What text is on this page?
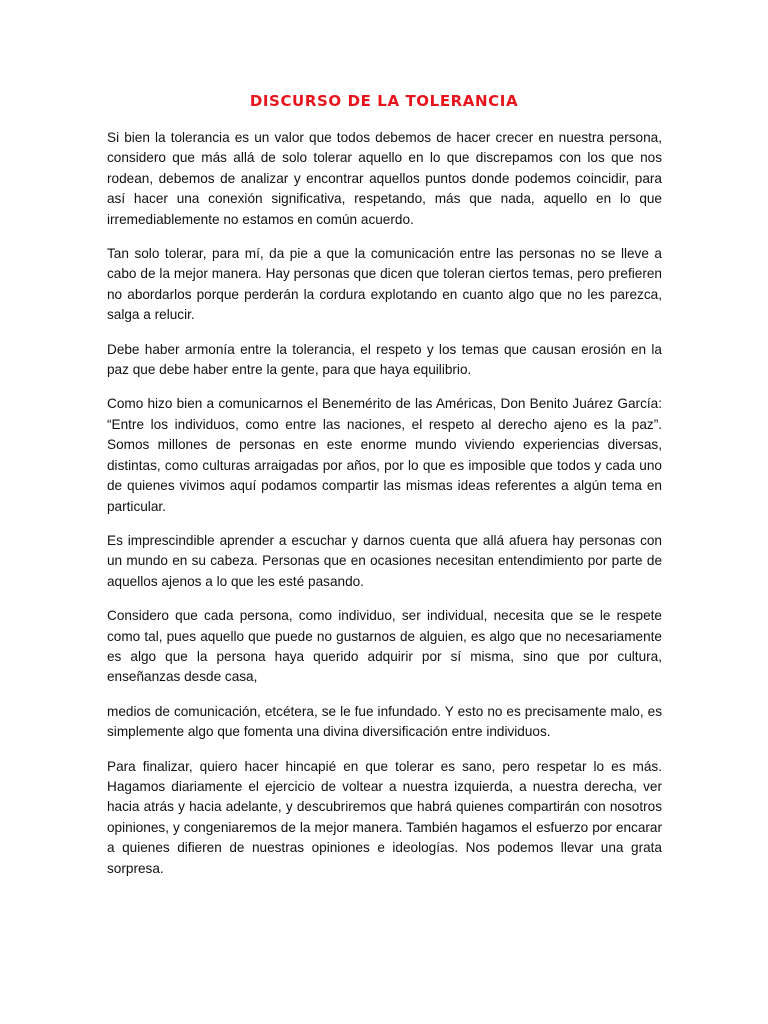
DISCURSO DE LA TOLERANCIA

Si bien la tolerancia es un valor que todos debemos de hacer crecer en nuestra persona, considero que más allá de solo tolerar aquello en lo que discrepamos con los que nos rodean, debemos de analizar y encontrar aquellos puntos donde podemos coincidir, para así hacer una conexión significativa, respetando, más que nada, aquello en lo que irremediablemente no estamos en común acuerdo.

Tan solo tolerar, para mí, da pie a que la comunicación entre las personas no se lleve a cabo de la mejor manera. Hay personas que dicen que toleran ciertos temas, pero prefieren no abordarlos porque perderán la cordura explotando en cuanto algo que no les parezca, salga a relucir.

Debe haber armonía entre la tolerancia, el respeto y los temas que causan erosión en la paz que debe haber entre la gente, para que haya equilibrio.

Como hizo bien a comunicarnos el Benemérito de las Américas, Don Benito Juárez García: “Entre los individuos, como entre las naciones, el respeto al derecho ajeno es la paz”. Somos millones de personas en este enorme mundo viviendo experiencias diversas, distintas, como culturas arraigadas por años, por lo que es imposible que todos y cada uno de quienes vivimos aquí podamos compartir las mismas ideas referentes a algún tema en particular.

Es imprescindible aprender a escuchar y darnos cuenta que allá afuera hay personas con un mundo en su cabeza. Personas que en ocasiones necesitan entendimiento por parte de aquellos ajenos a lo que les esté pasando.

Considero que cada persona, como individuo, ser individual, necesita que se le respete como tal, pues aquello que puede no gustarnos de alguien, es algo que no necesariamente es algo que la persona haya querido adquirir por sí misma, sino que por cultura, enseñanzas desde casa,

medios de comunicación, etcétera, se le fue infundado. Y esto no es precisamente malo, es simplemente algo que fomenta una divina diversificación entre individuos.

Para finalizar, quiero hacer hincapié en que tolerar es sano, pero respetar lo es más. Hagamos diariamente el ejercicio de voltear a nuestra izquierda, a nuestra derecha, ver hacia atrás y hacia adelante, y descubriremos que habrá quienes compartirán con nosotros opiniones, y congeniaremos de la mejor manera. También hagamos el esfuerzo por encarar a quienes difieren de nuestras opiniones e ideologías. Nos podemos llevar una grata sorpresa.
